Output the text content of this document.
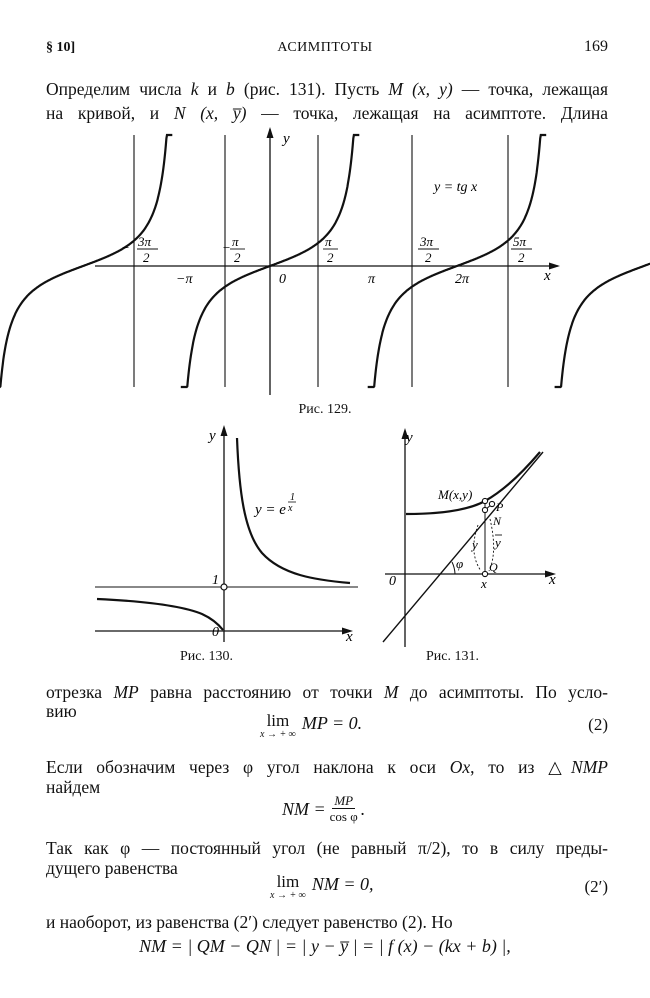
§ 10]	АСИМПТОТЫ	169
Определим числа k и b (рис. 131). Пусть M (x, y) — точка, лежащая
на кривой, и N (x, y̅) — точка, лежащая на асимптоте. Длина
y
x
0
y = tg x
− 3π
2
− π
2
π
2
3π
2
5π
2
−π	π	2π
Рис. 129.
y
x
0
1
y = e
1
x
Рис. 130.
y
x
0
M(x,y)
P
N
Q
y y
φ
x
Рис. 131.
отрезка MP равна расстоянию от точки M до асимптоты. По усло-
вию	lim
x → + ∞
MP = 0.	(2)
Если обозначим через φ угол наклона к оси Ox, то из △NMP
найдем
NM = $\frac{MP}{\text{cos φ}}$ .
Так как φ — постоянный угол (не равный π/2), то в силу преды-
дущего равенства
lim
x → + ∞
NM = 0,	(2′)
и наоборот, из равенства (2′) следует равенство (2). Но
NM = | QM − QN | = | y − y̅ | = | f (x) − (kx + b) |,
